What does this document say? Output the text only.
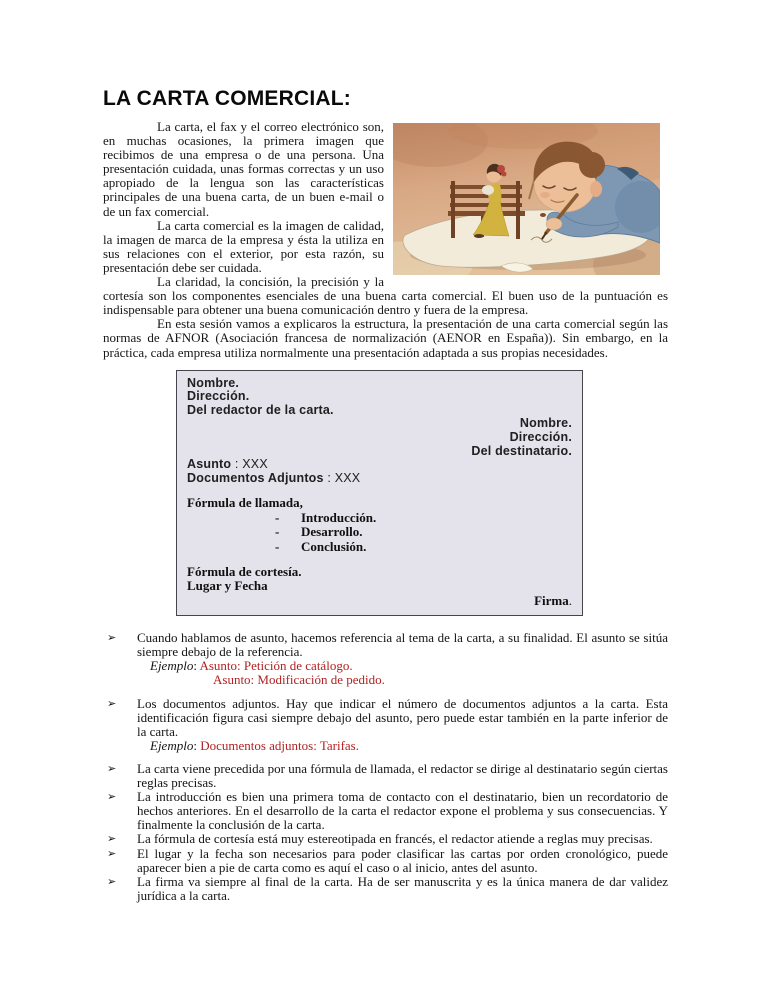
LA CARTA COMERCIAL:

La carta, el fax y el correo electrónico son, en muchas ocasiones, la primera imagen que recibimos de una empresa o de una persona. Una presentación cuidada, unas formas correctas y un uso apropiado de la lengua son las características principales de una buena carta, de un buen e-mail o de un fax comercial.

La carta comercial es la imagen de calidad, la imagen de marca de la empresa y ésta la utiliza en sus relaciones con el exterior, por esta razón, su presentación debe ser cuidada.

La claridad, la concisión, la precisión y la cortesía son los componentes esenciales de una buena carta comercial. El buen uso de la puntuación es indispensable para obtener una buena comunicación dentro y fuera de la empresa.

En esta sesión vamos a explicaros la estructura, la presentación de una carta comercial según las normas de AFNOR (Asociación francesa de normalización (AENOR en España)). Sin embargo, en la práctica, cada empresa utiliza normalmente una presentación adaptada a sus propias necesidades.

Nombre.
Dirección.
Del redactor de la carta.
Nombre.
Dirección.
Del destinatario.
Asunto : XXX
Documentos Adjuntos : XXX
Fórmula de llamada,
- Introducción.
- Desarrollo.
- Conclusión.
Fórmula de cortesía.
Lugar y Fecha
Firma.
➢	Cuando hablamos de asunto, hacemos referencia al tema de la carta, a su finalidad. El asunto se sitúa siempre debajo de la referencia.
Ejemplo: Asunto: Petición de catálogo.
Asunto: Modificación de pedido.
➢	Los documentos adjuntos. Hay que indicar el número de documentos adjuntos a la carta. Esta identificación figura casi siempre debajo del asunto, pero puede estar también en la parte inferior de la carta.
Ejemplo: Documentos adjuntos: Tarifas.
➢	La carta viene precedida por una fórmula de llamada, el redactor se dirige al destinatario según ciertas reglas precisas.
➢	La introducción es bien una primera toma de contacto con el destinatario, bien un recordatorio de hechos anteriores. En el desarrollo de la carta el redactor expone el problema y sus consecuencias. Y finalmente la conclusión de la carta.
➢	La fórmula de cortesía está muy estereotipada en francés, el redactor atiende a reglas muy precisas.
➢	El lugar y la fecha son necesarios para poder clasificar las cartas por orden cronológico, puede aparecer bien a pie de carta como es aquí el caso o al inicio, antes del asunto.
➢	La firma va siempre al final de la carta. Ha de ser manuscrita y es la única manera de dar validez jurídica a la carta.
